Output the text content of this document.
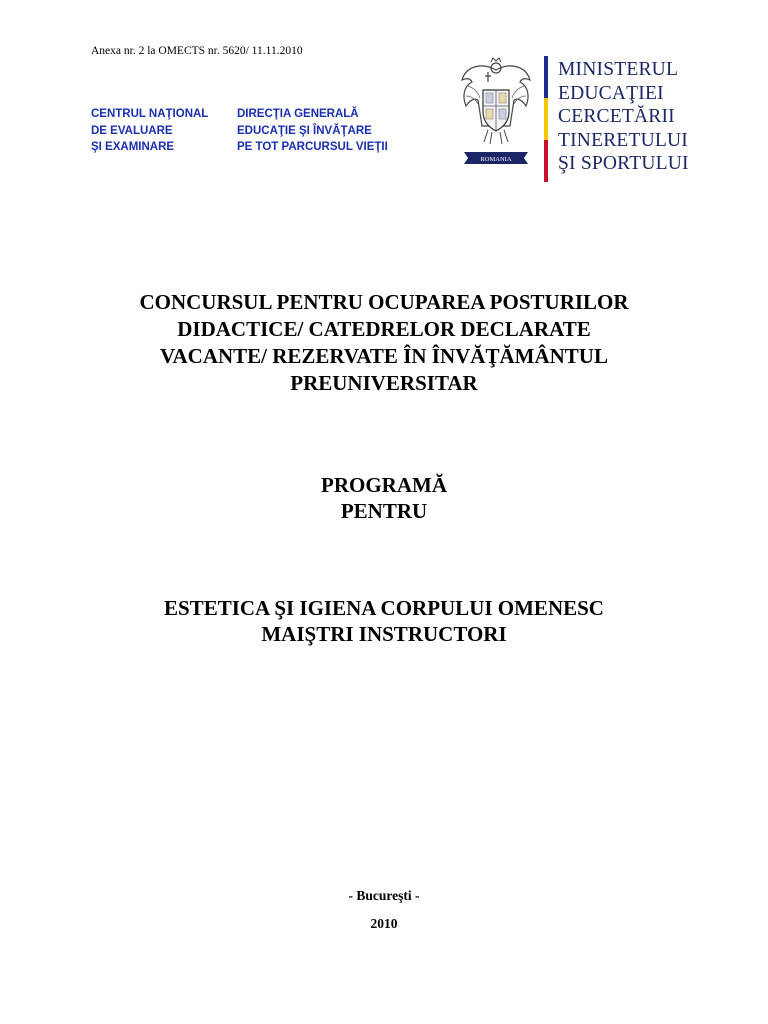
Anexa nr. 2 la OMECTS nr. 5620/ 11.11.2010
CENTRUL NAŢIONAL
DE EVALUARE
ŞI EXAMINARE
DIRECŢIA GENERALĂ
EDUCAŢIE ŞI ÎNVĂŢARE
PE TOT PARCURSUL VIEŢII
ROMANIA
MINISTERUL
EDUCAŢIEI
CERCETĂRII
TINERETULUI
ŞI SPORTULUI
CONCURSUL PENTRU OCUPAREA POSTURILOR
DIDACTICE/ CATEDRELOR DECLARATE
VACANTE/ REZERVATE ÎN ÎNVĂŢĂMÂNTUL
PREUNIVERSITAR
PROGRAMĂ
PENTRU
ESTETICA ŞI IGIENA CORPULUI OMENESC
MAIŞTRI INSTRUCTORI
- Bucureşti -
2010
